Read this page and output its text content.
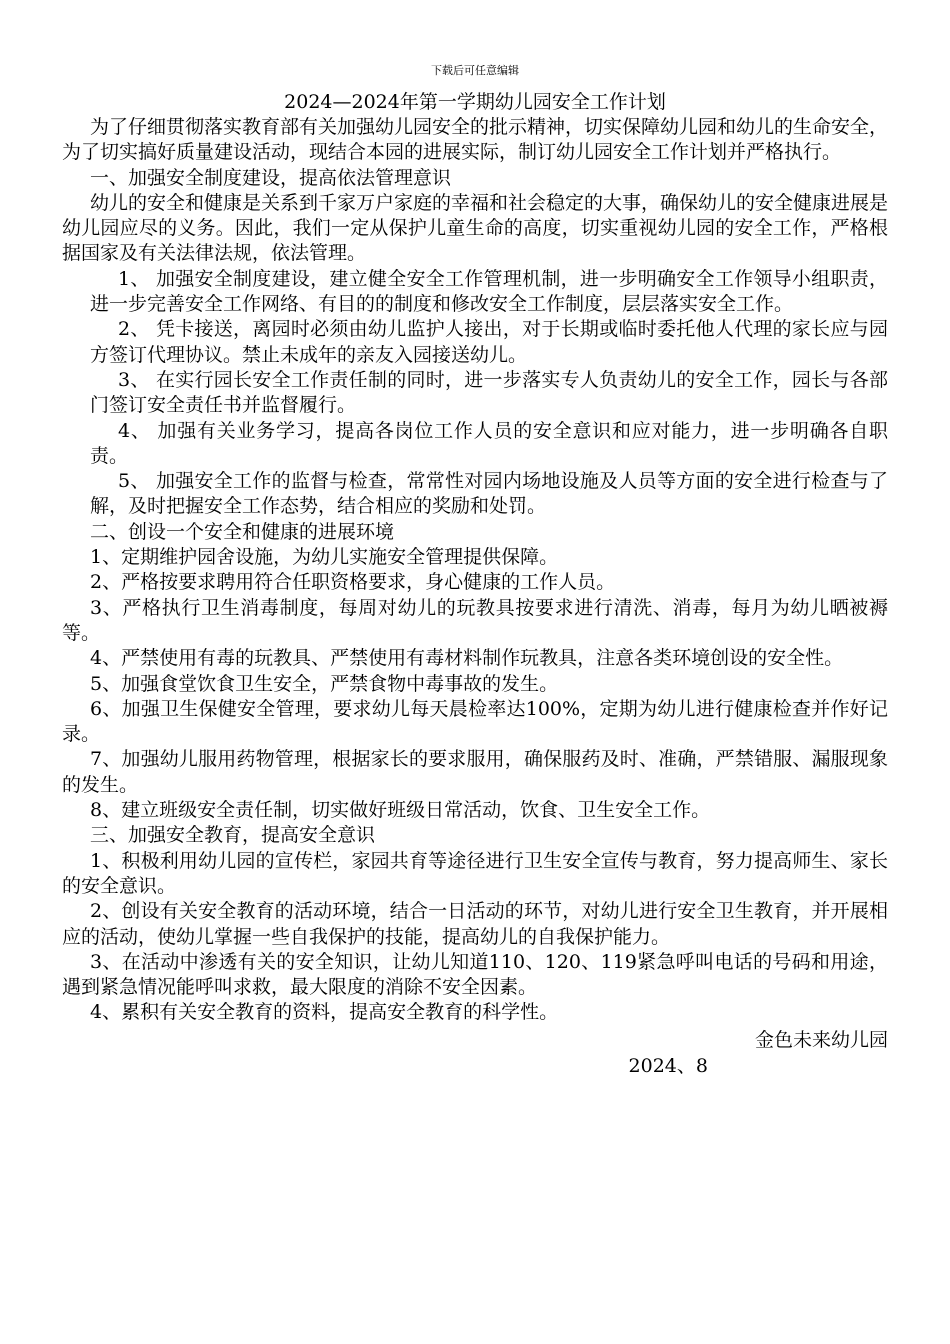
下载后可任意编辑
2024—2024年第一学期幼儿园安全工作计划

为了仔细贯彻落实教育部有关加强幼儿园安全的批示精神，切实保障幼儿园和幼儿的生命安全，为了切实搞好质量建设活动，现结合本园的进展实际，制订幼儿园安全工作计划并严格执行。

一、加强安全制度建设，提高依法管理意识

幼儿的安全和健康是关系到千家万户家庭的幸福和社会稳定的大事，确保幼儿的安全健康进展是幼儿园应尽的义务。因此，我们一定从保护儿童生命的高度，切实重视幼儿园的安全工作，严格根据国家及有关法律法规，依法管理。

1、 加强安全制度建设，建立健全安全工作管理机制，进一步明确安全工作领导小组职责，进一步完善安全工作网络、有目的的制度和修改安全工作制度，层层落实安全工作。

2、 凭卡接送，离园时必须由幼儿监护人接出，对于长期或临时委托他人代理的家长应与园方签订代理协议。禁止未成年的亲友入园接送幼儿。

3、 在实行园长安全工作责任制的同时，进一步落实专人负责幼儿的安全工作，园长与各部门签订安全责任书并监督履行。

4、 加强有关业务学习，提高各岗位工作人员的安全意识和应对能力，进一步明确各自职责。

5、 加强安全工作的监督与检查，常常性对园内场地设施及人员等方面的安全进行检查与了解，及时把握安全工作态势，结合相应的奖励和处罚。

二、创设一个安全和健康的进展环境

1、定期维护园舍设施，为幼儿实施安全管理提供保障。

2、严格按要求聘用符合任职资格要求，身心健康的工作人员。

3、严格执行卫生消毒制度，每周对幼儿的玩教具按要求进行清洗、消毒，每月为幼儿晒被褥等。

4、严禁使用有毒的玩教具、严禁使用有毒材料制作玩教具，注意各类环境创设的安全性。

5、加强食堂饮食卫生安全，严禁食物中毒事故的发生。

6、加强卫生保健安全管理，要求幼儿每天晨检率达100%，定期为幼儿进行健康检查并作好记录。

7、加强幼儿服用药物管理，根据家长的要求服用，确保服药及时、准确，严禁错服、漏服现象的发生。

8、建立班级安全责任制，切实做好班级日常活动，饮食、卫生安全工作。

三、加强安全教育，提高安全意识

1、积极利用幼儿园的宣传栏，家园共育等途径进行卫生安全宣传与教育，努力提高师生、家长的安全意识。

2、创设有关安全教育的活动环境，结合一日活动的环节，对幼儿进行安全卫生教育，并开展相应的活动，使幼儿掌握一些自我保护的技能，提高幼儿的自我保护能力。

3、在活动中渗透有关的安全知识，让幼儿知道110、120、119紧急呼叫电话的号码和用途，遇到紧急情况能呼叫求救，最大限度的消除不安全因素。

4、累积有关安全教育的资料，提高安全教育的科学性。

金色未来幼儿园
2024、8
